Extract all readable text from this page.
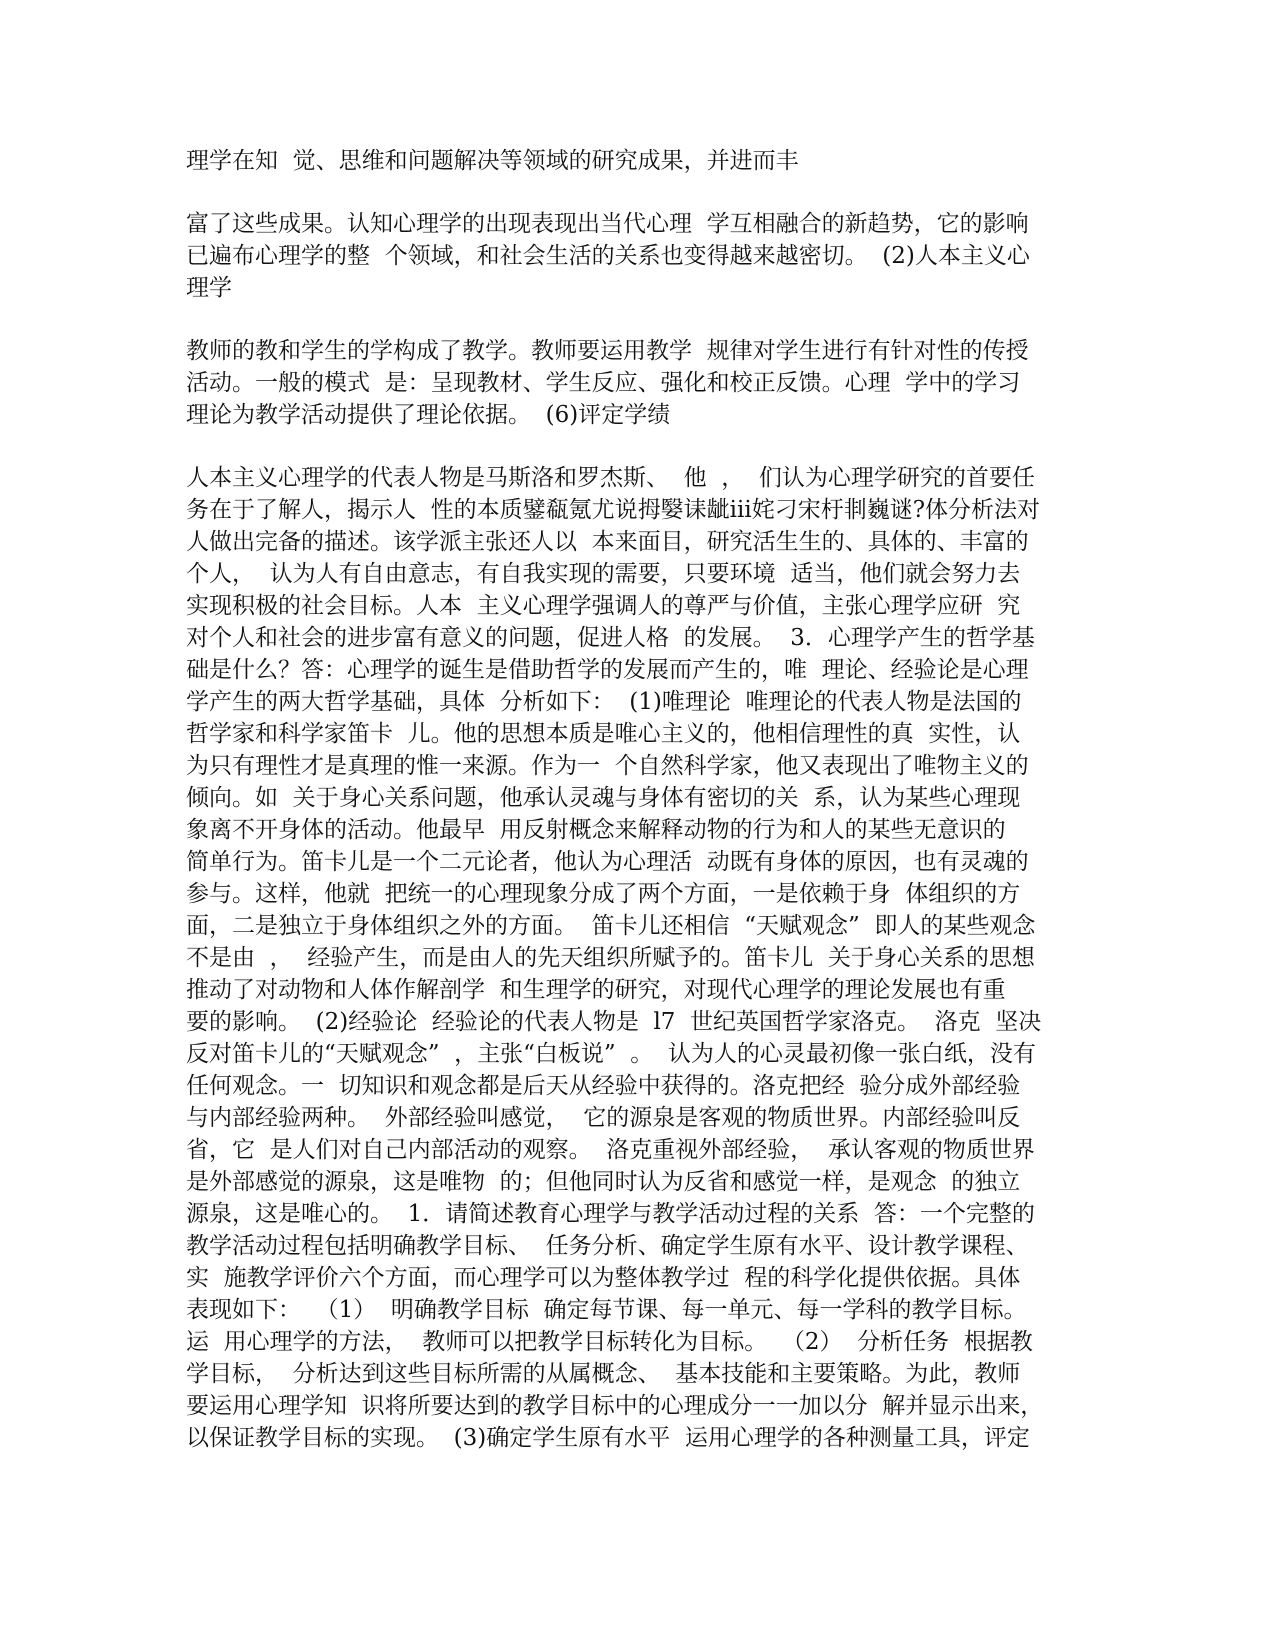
理学在知  觉、思维和问题解决等领域的研究成果，并进而丰
富了这些成果。认知心理学的出现表现出当代心理  学互相融合的新趋势，它的影响
已遍布心理学的整  个领域，和社会生活的关系也变得越来越密切。  (2)人本主义心
理学
教师的教和学生的学构成了教学。教师要运用教学  规律对学生进行有针对性的传授
活动。一般的模式  是：呈现教材、学生反应、强化和校正反馈。心理  学中的学习
理论为教学活动提供了理论依据。  (6)评定学绩
人本主义心理学的代表人物是马斯洛和罗杰斯、  他  ，  们认为心理学研究的首要任
务在于了解人，揭示人  性的本质鐾瓻氪尤说拇嫛诔龇ⅲ姹刁宋杅剕巍谜?体分析法对
人做出完备的描述。该学派主张还人以  本来面目，研究活生生的、具体的、丰富的
个人，  认为人有自由意志，有自我实现的需要，只要环境  适当，他们就会努力去
实现积极的社会目标。人本  主义心理学强调人的尊严与价值，主张心理学应研  究
对个人和社会的进步富有意义的问题，促进人格  的发展。  3．心理学产生的哲学基
础是什么？答：心理学的诞生是借助哲学的发展而产生的，唯  理论、经验论是心理
学产生的两大哲学基础，具体  分析如下：  (1)唯理论  唯理论的代表人物是法国的
哲学家和科学家笛卡  儿。他的思想本质是唯心主义的，他相信理性的真  实性，认
为只有理性才是真理的惟一来源。作为一  个自然科学家，他又表现出了唯物主义的
倾向。如  关于身心关系问题，他承认灵魂与身体有密切的关  系，认为某些心理现
象离不开身体的活动。他最早  用反射概念来解释动物的行为和人的某些无意识的
简单行为。笛卡儿是一个二元论者，他认为心理活  动既有身体的原因，也有灵魂的
参与。这样，他就  把统一的心理现象分成了两个方面，一是依赖于身  体组织的方
面，二是独立于身体组织之外的方面。  笛卡儿还相信  “天赋观念”  即人的某些观念
不是由  ，  经验产生，而是由人的先天组织所赋予的。笛卡儿  关于身心关系的思想
推动了对动物和人体作解剖学  和生理学的研究，对现代心理学的理论发展也有重
要的影响。  (2)经验论  经验论的代表人物是  l7  世纪英国哲学家洛克。  洛克  坚决
反对笛卡儿的“天赋观念”  ，主张“白板说”  。  认为人的心灵最初像一张白纸，没有
任何观念。一  切知识和观念都是后天从经验中获得的。洛克把经  验分成外部经验
与内部经验两种。  外部经验叫感觉，  它的源泉是客观的物质世界。内部经验叫反
省，它  是人们对自己内部活动的观察。  洛克重视外部经验，  承认客观的物质世界
是外部感觉的源泉，这是唯物  的；但他同时认为反省和感觉一样，是观念  的独立
源泉，这是唯心的。  1．请简述教育心理学与教学活动过程的关系  答：一个完整的
教学活动过程包括明确教学目标、  任务分析、确定学生原有水平、设计教学课程、
实  施教学评价六个方面，而心理学可以为整体教学过  程的科学化提供依据。具体
表现如下：  （1）  明确教学目标  确定每节课、每一单元、每一学科的教学目标。
运  用心理学的方法，  教师可以把教学目标转化为目标。  （2）  分析任务  根据教
学目标，  分析达到这些目标所需的从属概念、  基本技能和主要策略。为此，教师
要运用心理学知  识将所要达到的教学目标中的心理成分一一加以分  解并显示出来，
以保证教学目标的实现。  (3)确定学生原有水平  运用心理学的各种测量工具，评定
